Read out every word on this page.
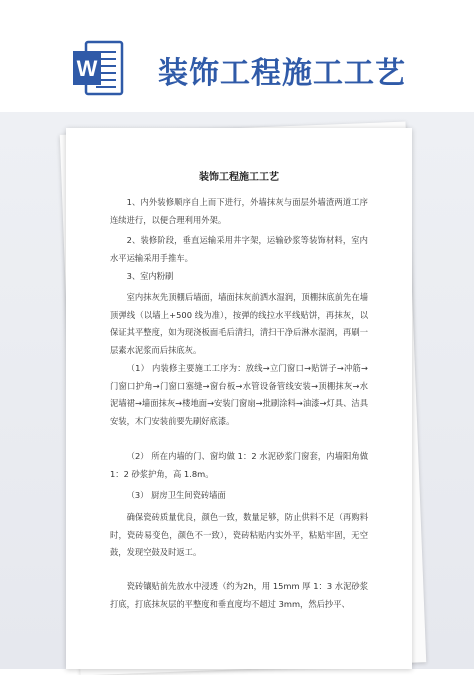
W 装饰工程施工工艺
装饰工程施工工艺

1、内外装修顺序自上而下进行，外墙抹灰与面层外墙渣两道工序连续进行，以便合理利用外架。

2、装修阶段，垂直运输采用井字架，运输砂浆等装饰材料，室内水平运输采用手推车。

3、室内粉刷

室内抹灰先顶棚后墙面，墙面抹灰前洒水湿润，顶棚抹底前先在墙顶弹线（以墙上+500 线为准），按弹的线拉水平线贴饼，再抹灰，以保证其平整度，如为现浇板面毛后清扫，清扫干净后淋水湿润，再刷一层素水泥浆而后抹底灰。

（1） 内装修主要施工工序为：放线→立门窗口→贴饼子→冲筋→门窗口护角→门窗口塞缝→窗台板→水管设备管线安装→顶棚抹灰→水泥墙裙→墙面抹灰→楼地面→安装门窗扇→批刷涂料→油漆→灯具、洁具安装，木门安装前要先刷好底漆。

（2） 所在内墙的门、窗均做 1：2 水泥砂浆门窗套，内墙阳角做 1：2 砂浆护角，高 1.8m。

（3） 厨房卫生间瓷砖墙面

确保瓷砖质量优良，颜色一致，数量足够，防止供料不足（再购料时，瓷砖易变色，颜色不一致），瓷砖粘贴内实外平，粘贴牢固，无空鼓，发现空鼓及时返工。

瓷砖镶贴前先放水中浸透（约为2h，用 15mm 厚 1：3 水泥砂浆打底，打底抹灰层的平整度和垂直度均不超过 3mm，然后抄平、
